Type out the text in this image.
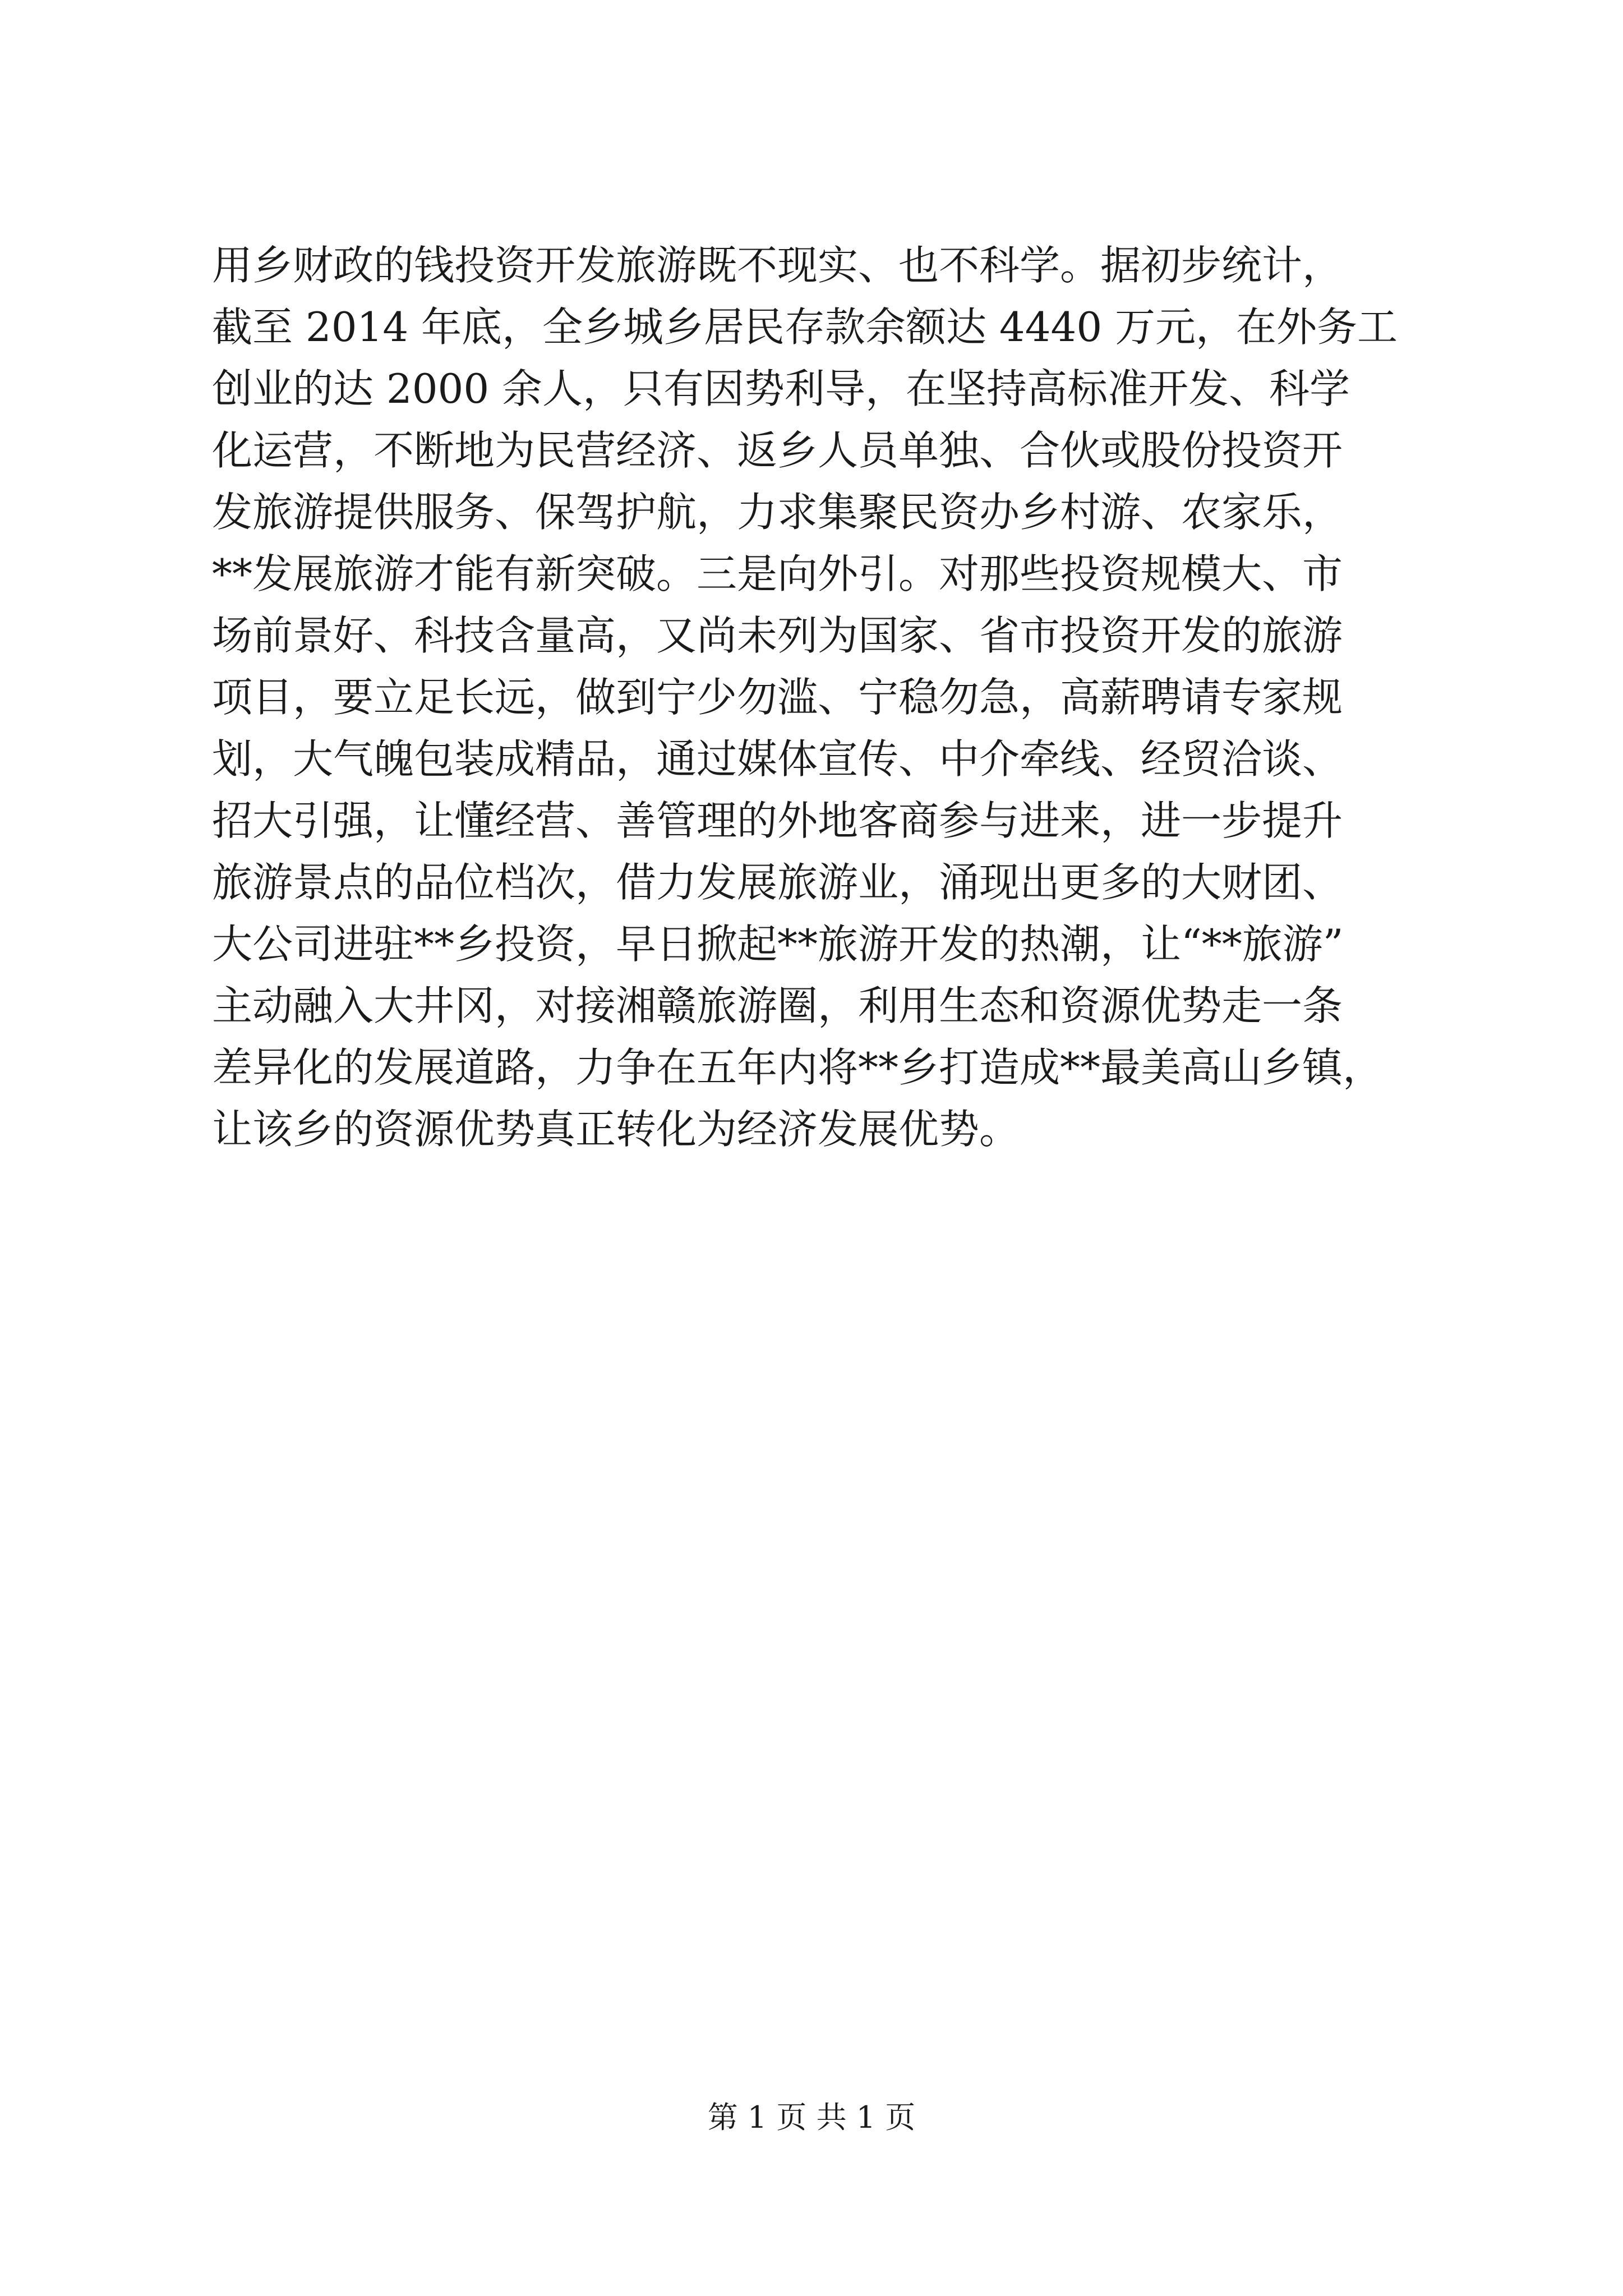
用乡财政的钱投资开发旅游既不现实、也不科学。据初步统计，
截至 2014 年底，全乡城乡居民存款余额达 4440 万元，在外务工
创业的达 2000 余人，只有因势利导，在坚持高标准开发、科学
化运营，不断地为民营经济、返乡人员单独、合伙或股份投资开
发旅游提供服务、保驾护航，力求集聚民资办乡村游、农家乐，
**发展旅游才能有新突破。三是向外引。对那些投资规模大、市
场前景好、科技含量高，又尚未列为国家、省市投资开发的旅游
项目，要立足长远，做到宁少勿滥、宁稳勿急，高薪聘请专家规
划，大气魄包装成精品，通过媒体宣传、中介牵线、经贸洽谈、
招大引强，让懂经营、善管理的外地客商参与进来，进一步提升
旅游景点的品位档次，借力发展旅游业，涌现出更多的大财团、
大公司进驻**乡投资，早日掀起**旅游开发的热潮，让“**旅游”
主动融入大井冈，对接湘赣旅游圈，利用生态和资源优势走一条
差异化的发展道路，力争在五年内将**乡打造成**最美高山乡镇，
让该乡的资源优势真正转化为经济发展优势。
第 1 页 共 1 页
